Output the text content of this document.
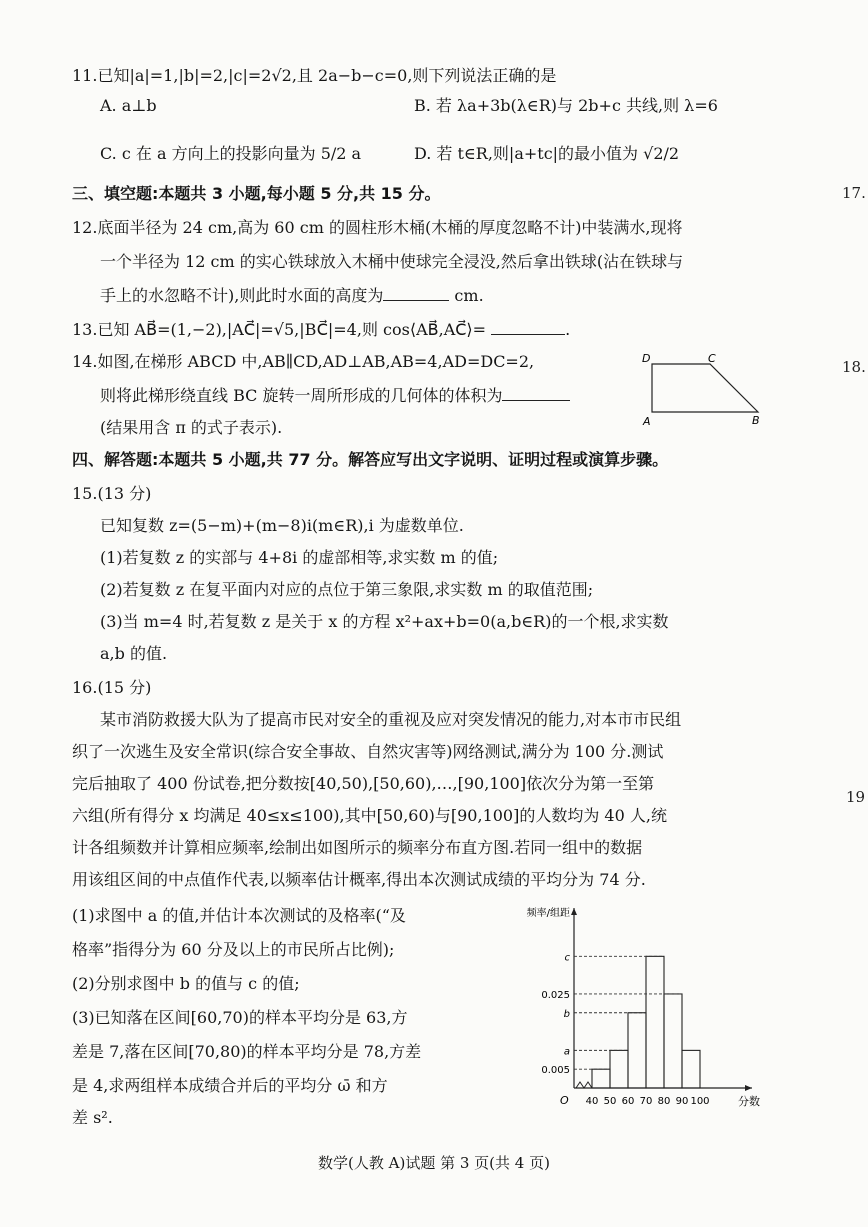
11.已知|a|=1,|b|=2,|c|=2√2,且 2a−b−c=0,则下列说法正确的是
A. a⊥b	B. 若 λa+3b(λ∈R)与 2b+c 共线,则 λ=6
C. c 在 a 方向上的投影向量为 5/2 a	D. 若 t∈R,则|a+tc|的最小值为 √2/2
三、填空题:本题共 3 小题,每小题 5 分,共 15 分。
12.底面半径为 24 cm,高为 60 cm 的圆柱形木桶(木桶的厚度忽略不计)中装满水,现将
一个半径为 12 cm 的实心铁球放入木桶中使球完全浸没,然后拿出铁球(沾在铁球与
手上的水忽略不计),则此时水面的高度为	cm.
13.已知 AB⃗=(1,−2),|AC⃗|=√5,|BC⃗|=4,则 cos⟨AB⃗,AC⃗⟩=	.
14.如图,在梯形 ABCD 中,AB∥CD,AD⊥AB,AB=4,AD=DC=2,
则将此梯形绕直线 BC 旋转一周所形成的几何体的体积为
(结果用含 π 的式子表示).
D	C
A	B
四、解答题:本题共 5 小题,共 77 分。解答应写出文字说明、证明过程或演算步骤。
15.(13 分)
已知复数 z=(5−m)+(m−8)i(m∈R),i 为虚数单位.
(1)若复数 z 的实部与 4+8i 的虚部相等,求实数 m 的值;
(2)若复数 z 在复平面内对应的点位于第三象限,求实数 m 的取值范围;
(3)当 m=4 时,若复数 z 是关于 x 的方程 x²+ax+b=0(a,b∈R)的一个根,求实数
a,b 的值.
16.(15 分)
某市消防救援大队为了提高市民对安全的重视及应对突发情况的能力,对本市市民组
织了一次逃生及安全常识(综合安全事故、自然灾害等)网络测试,满分为 100 分.测试
完后抽取了 400 份试卷,把分数按[40,50),[50,60),…,[90,100]依次分为第一至第
六组(所有得分 x 均满足 40≤x≤100),其中[50,60)与[90,100]的人数均为 40 人,统
计各组频数并计算相应频率,绘制出如图所示的频率分布直方图.若同一组中的数据
用该组区间的中点值作代表,以频率估计概率,得出本次测试成绩的平均分为 74 分.
(1)求图中 a 的值,并估计本次测试的及格率(“及
格率”指得分为 60 分及以上的市民所占比例);
(2)分别求图中 b 的值与 c 的值;
(3)已知落在区间[60,70)的样本平均分是 63,方
差是 7,落在区间[70,80)的样本平均分是 78,方差
是 4,求两组样本成绩合并后的平均分 ω̄ 和方
差 s².
0.005
a
b
0.025
c
40 50 60 70 80 90 100
O
频率/组距
分数
17.
18.
19
数学(人教 A)试题 第 3 页(共 4 页)
